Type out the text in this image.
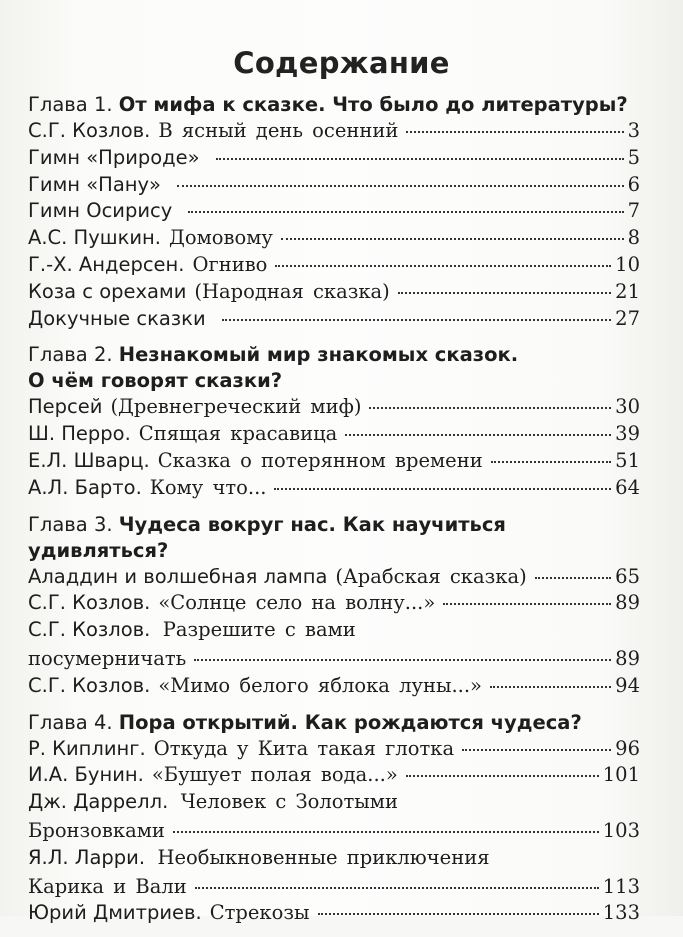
Содержание
Глава 1. От мифа к сказке. Что было до литературы?
С.Г. Козлов. В ясный день осенний	3
Гимн «Природе»	5
Гимн «Пану»	6
Гимн Осирису	7
А.С. Пушкин. Домовому	8
Г.-Х. Андерсен. Огниво	10
Коза с орехами (Народная сказка)	21
Докучные сказки	27
Глава 2. Незнакомый мир знакомых сказок.
О чём говорят сказки?
Персей (Древнегреческий миф)	30
Ш. Перро. Спящая красавица	39
Е.Л. Шварц. Сказка о потерянном времени	51
А.Л. Барто. Кому что...	64
Глава 3. Чудеса вокруг нас. Как научиться удивляться?
Аладдин и волшебная лампа (Арабская сказка)	65
С.Г. Козлов. «Солнце село на волну...»	89
С.Г. Козлов. Разрешите с вами
посумерничать	89
С.Г. Козлов. «Мимо белого яблока луны...»	94
Глава 4. Пора открытий. Как рождаются чудеса?
Р. Киплинг. Откуда у Кита такая глотка	96
И.А. Бунин. «Бушует полая вода...»	101
Дж. Даррелл. Человек с Золотыми
Бронзовками	103
Я.Л. Ларри. Необыкновенные приключения
Карика и Вали	113
Юрий Дмитриев. Стрекозы	133
